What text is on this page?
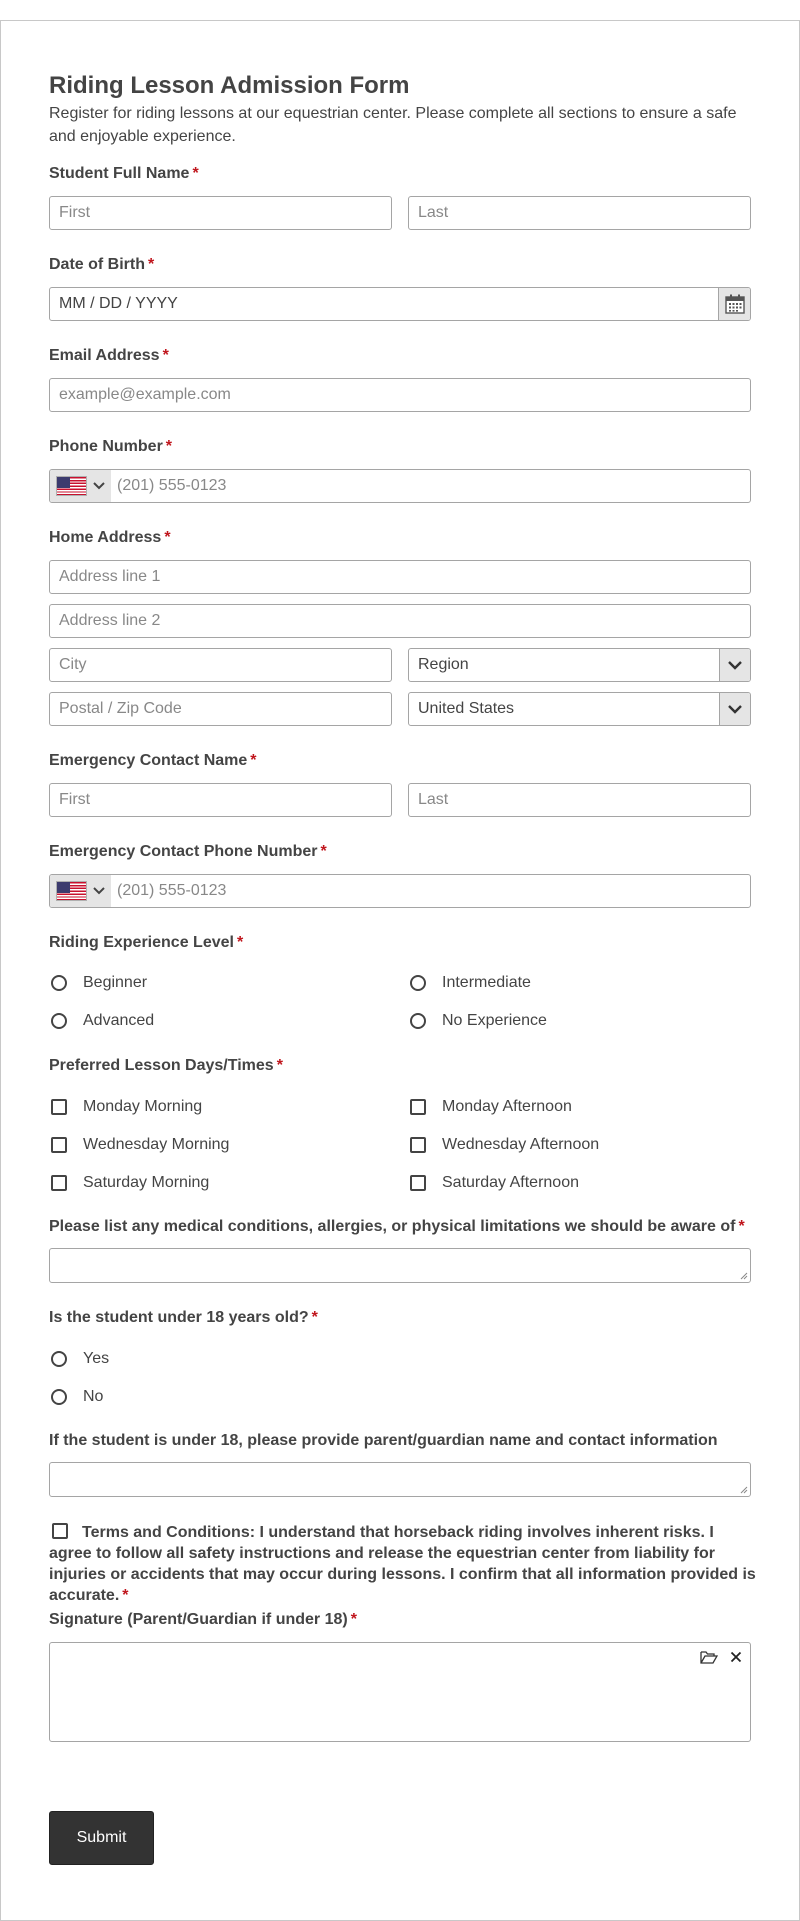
Riding Lesson Admission Form
Register for riding lessons at our equestrian center. Please complete all sections to ensure a safe and enjoyable experience.
Student Full Name *
First	Last
Date of Birth *
MM / DD / YYYY
Email Address *
example@example.com
Phone Number *
(201) 555-0123
Home Address *
Address line 1
Address line 2
City	Region
Postal / Zip Code	United States
Emergency Contact Name *
First	Last
Emergency Contact Phone Number *
(201) 555-0123
Riding Experience Level *
Beginner	Intermediate
Advanced	No Experience
Preferred Lesson Days/Times *
Monday Morning	Monday Afternoon
Wednesday Morning	Wednesday Afternoon
Saturday Morning	Saturday Afternoon
Please list any medical conditions, allergies, or physical limitations we should be aware of *
Is the student under 18 years old? *
Yes
No
If the student is under 18, please provide parent/guardian name and contact information
Terms and Conditions: I understand that horseback riding involves inherent risks. I agree to follow all safety instructions and release the equestrian center from liability for injuries or accidents that may occur during lessons. I confirm that all information provided is accurate. *
Signature (Parent/Guardian if under 18) *
Submit
